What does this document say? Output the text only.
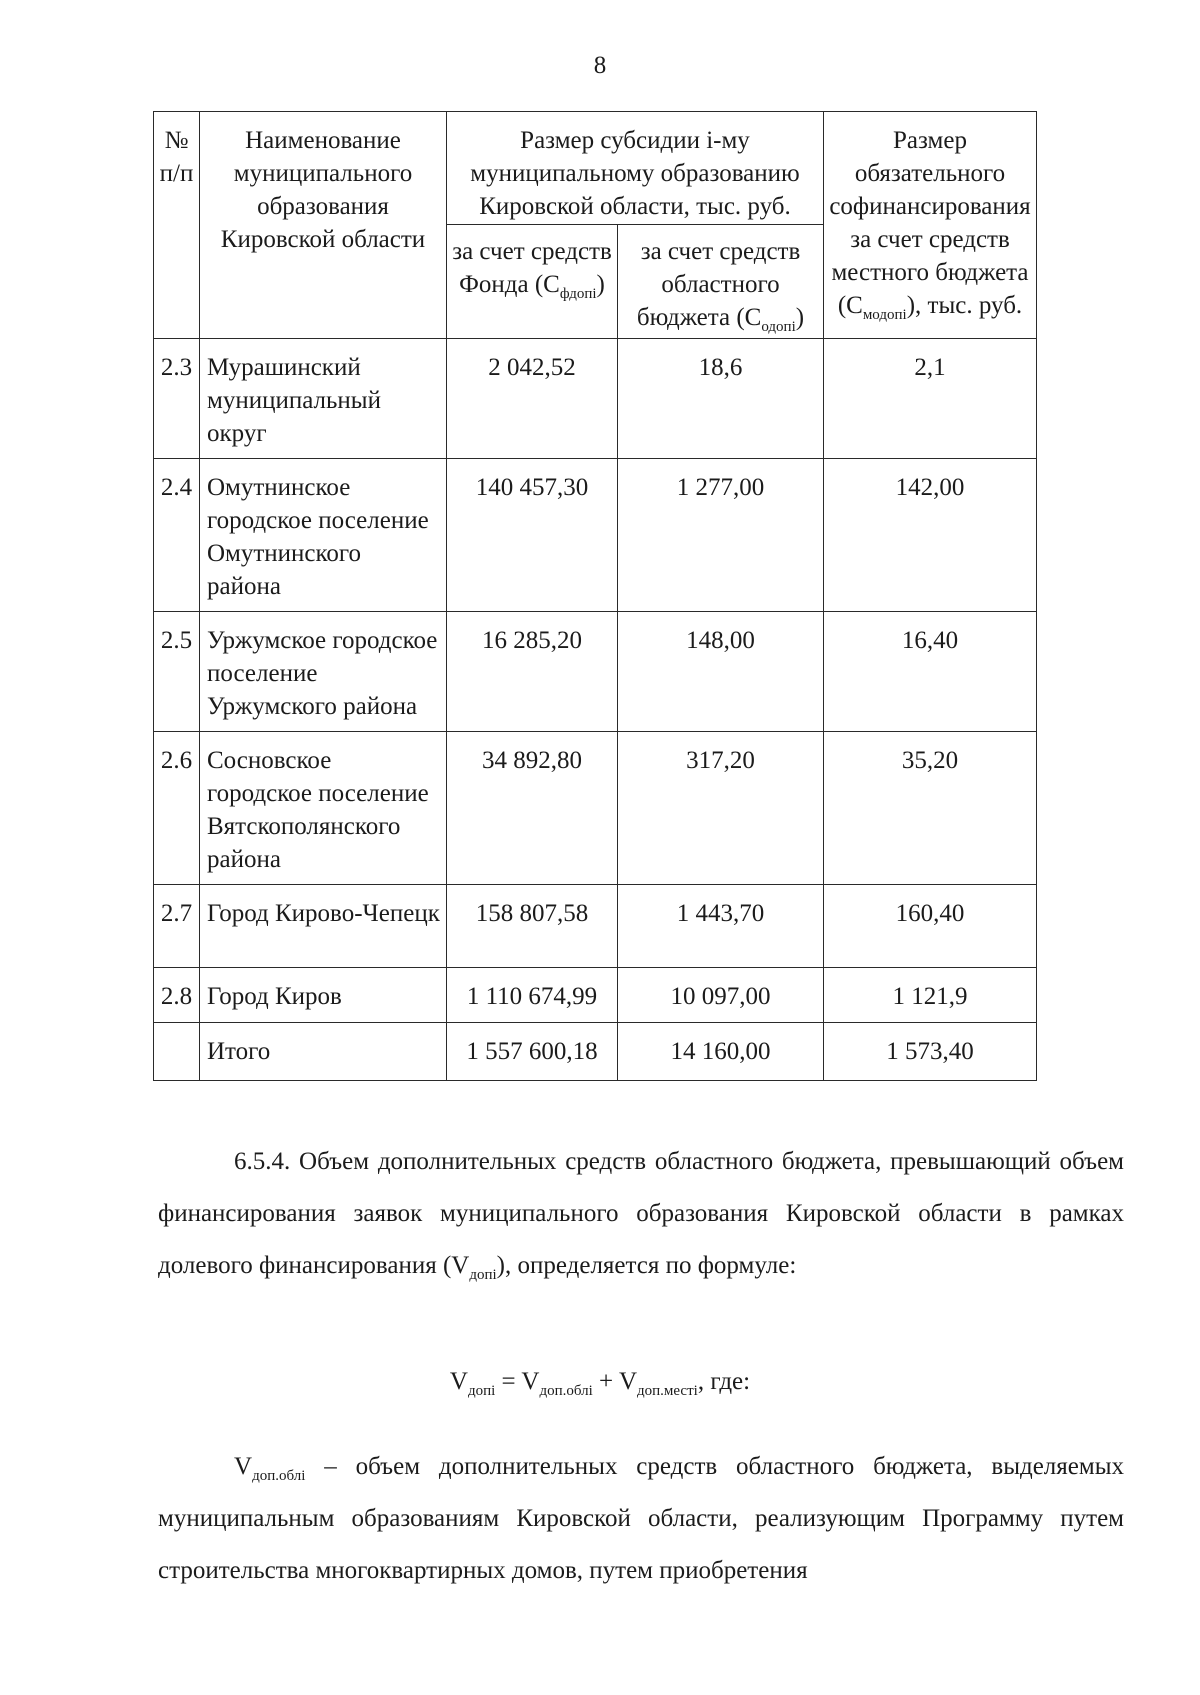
8
№ п/п	Наименование муниципального образования Кировской области	Размер субсидии i-му муниципальному образованию Кировской области, тыс. руб.		Размер обязательного софинансирования за счет средств местного бюджета $(С_{модопi})$, тыс. руб.
		за счет средств Фонда $(С_{фдопi})$	за счет средств областного бюджета $(С_{одопi})$	
2.3	Мурашинский муниципальный округ	2 042,52	18,6	2,1
2.4	Омутнинское городское поселение Омутнинского района	140 457,30	1 277,00	142,00
2.5	Уржумское городское поселение Уржумского района	16 285,20	148,00	16,40
2.6	Сосновское городское поселение Вятскополянского района	34 892,80	317,20	35,20
2.7	Город Кирово-Чепецк	158 807,58	1 443,70	160,40
2.8	Город Киров	1 110 674,99	10 097,00	1 121,9
	Итого	1 557 600,18	14 160,00	1 573,40

6.5.4. Объем дополнительных средств областного бюджета, превышающий объем финансирования заявок муниципального образования Кировской области в рамках долевого финансирования $(V_{допi})$, определяется по формуле:

$V_{допi} = V_{доп.облi} + V_{доп.местi}$, где:

$V_{доп.облi}$ – объем дополнительных средств областного бюджета, выделяемых муниципальным образованиям Кировской области, реализующим Программу путем строительства многоквартирных домов, путем приобретения
